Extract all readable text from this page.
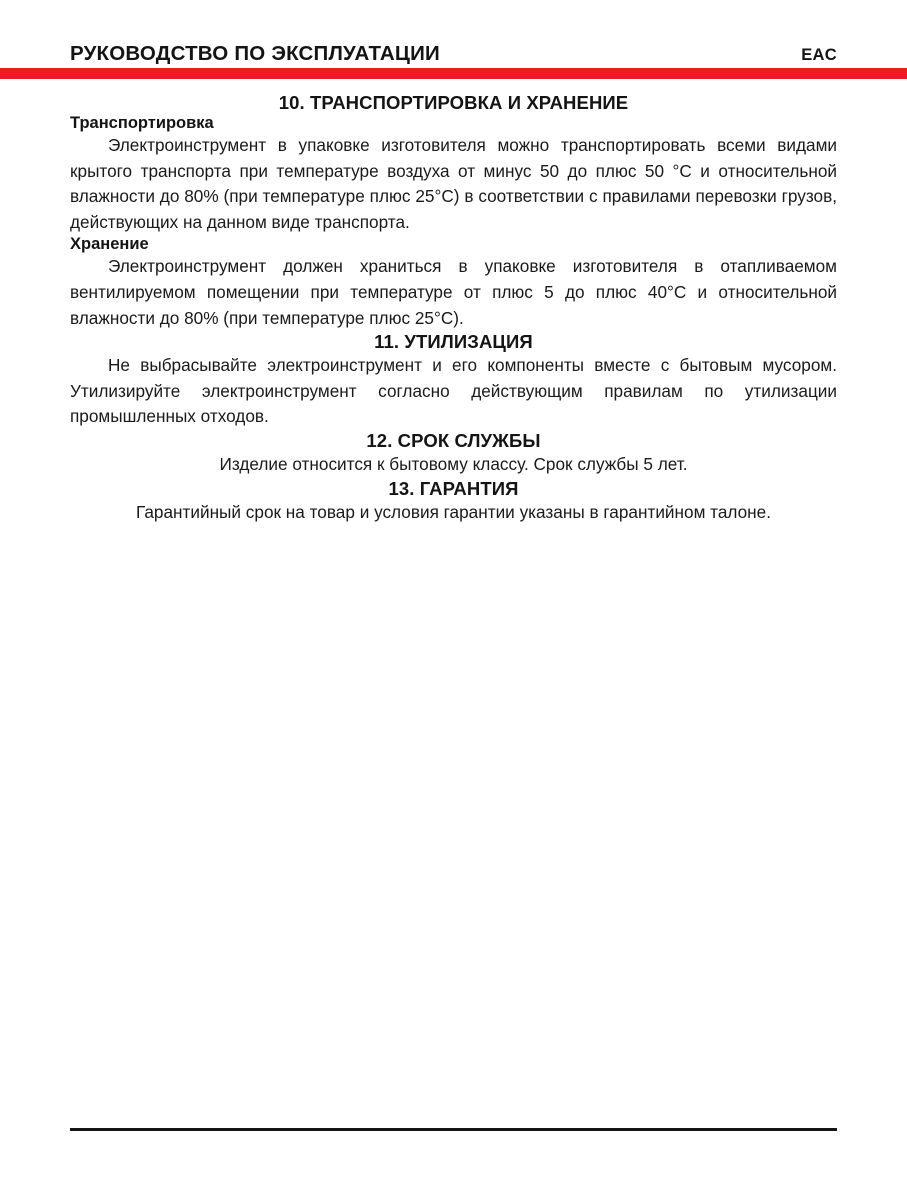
РУКОВОДСТВО ПО ЭКСПЛУАТАЦИИ	EAC
10. ТРАНСПОРТИРОВКА И ХРАНЕНИЕ
Транспортировка

Электроинструмент в упаковке изготовителя можно транспортировать всеми видами крытого транспорта при температуре воздуха от минус 50 до плюс 50 °С и относительной влажности до 80% (при температуре плюс 25°С) в соответствии с правилами перевозки грузов, действующих на данном виде транспорта.

Хранение

Электроинструмент должен храниться в упаковке изготовителя в отапливаемом вентилируемом помещении при температуре от плюс 5 до плюс 40°С и относительной влажности до 80% (при температуре плюс 25°С).

11. УТИЛИЗАЦИЯ

Не выбрасывайте электроинструмент и его компоненты вместе с бытовым мусором. Утилизируйте электроинструмент согласно действующим правилам по утилизации промышленных отходов.

12. СРОК СЛУЖБЫ

Изделие относится к бытовому классу. Срок службы 5 лет.

13. ГАРАНТИЯ

Гарантийный срок на товар и условия гарантии указаны в гарантийном талоне.
